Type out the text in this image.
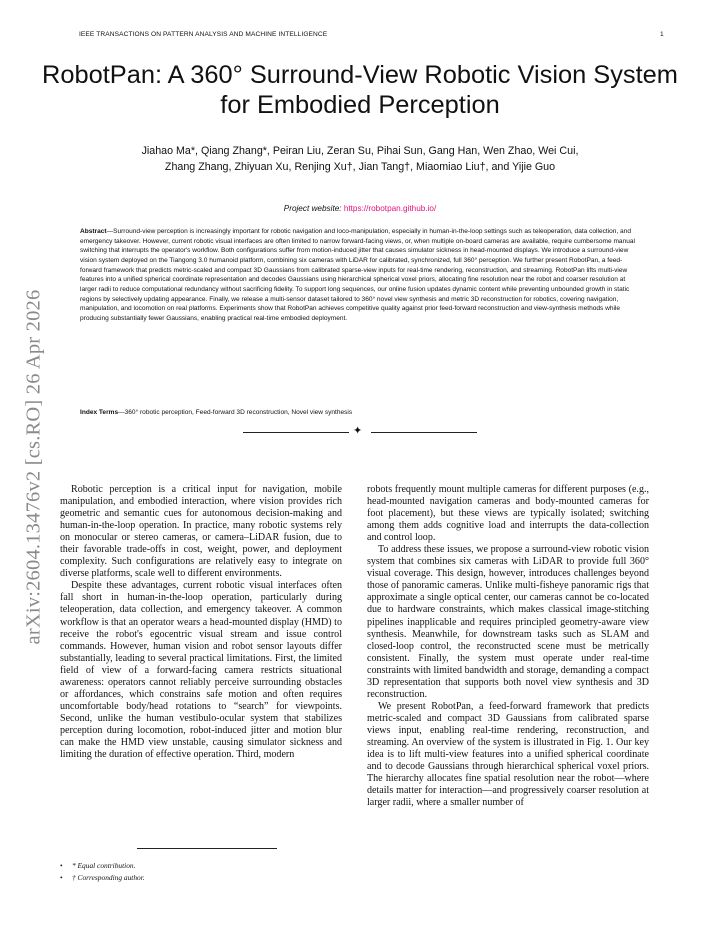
IEEE TRANSACTIONS ON PATTERN ANALYSIS AND MACHINE INTELLIGENCE	1
arXiv:2604.13476v2 [cs.RO] 26 Apr 2026
RobotPan: A 360° Surround-View Robotic Vision System for Embodied Perception
Jiahao Ma*, Qiang Zhang*, Peiran Liu, Zeran Su, Pihai Sun, Gang Han, Wen Zhao, Wei Cui,
Zhang Zhang, Zhiyuan Xu, Renjing Xu†, Jian Tang†, Miaomiao Liu†, and Yijie Guo
Project website: https://robotpan.github.io/
Abstract—Surround-view perception is increasingly important for robotic navigation and loco-manipulation, especially in human-in-the-loop settings such as teleoperation, data collection, and emergency takeover. However, current robotic visual interfaces are often limited to narrow forward-facing views, or, when multiple on-board cameras are available, require cumbersome manual switching that interrupts the operator's workflow. Both configurations suffer from motion-induced jitter that causes simulator sickness in head-mounted displays. We introduce a surround-view vision system deployed on the Tiangong 3.0 humanoid platform, combining six cameras with LiDAR for calibrated, synchronized, full 360° perception. We further present RobotPan, a feed-forward framework that predicts metric-scaled and compact 3D Gaussians from calibrated sparse-view inputs for real-time rendering, reconstruction, and streaming. RobotPan lifts multi-view features into a unified spherical coordinate representation and decodes Gaussians using hierarchical spherical voxel priors, allocating fine resolution near the robot and coarser resolution at larger radii to reduce computational redundancy without sacrificing fidelity. To support long sequences, our online fusion updates dynamic content while preventing unbounded growth in static regions by selectively updating appearance. Finally, we release a multi-sensor dataset tailored to 360° novel view synthesis and metric 3D reconstruction for robotics, covering navigation, manipulation, and locomotion on real platforms. Experiments show that RobotPan achieves competitive quality against prior feed-forward reconstruction and view-synthesis methods while producing substantially fewer Gaussians, enabling practical real-time embodied deployment.
Index Terms—360° robotic perception, Feed-forward 3D reconstruction, Novel view synthesis
✦

Robotic perception is a critical input for navigation, mobile manipulation, and embodied interaction, where vision provides rich geometric and semantic cues for autonomous decision-making and human-in-the-loop operation. In practice, many robotic systems rely on monocular or stereo cameras, or camera–LiDAR fusion, due to their favorable trade-offs in cost, weight, power, and deployment complexity. Such configurations are relatively easy to integrate on diverse platforms, scale well to different environments.

Despite these advantages, current robotic visual interfaces often fall short in human-in-the-loop operation, particularly during teleoperation, data collection, and emergency takeover. A common workflow is that an operator wears a head-mounted display (HMD) to receive the robot's egocentric visual stream and issue control commands. However, human vision and robot sensor layouts differ substantially, leading to several practical limitations. First, the limited field of view of a forward-facing camera restricts situational awareness: operators cannot reliably perceive surrounding obstacles or affordances, which constrains safe motion and often requires uncomfortable body/head rotations to “search” for viewpoints. Second, unlike the human vestibulo-ocular system that stabilizes perception during locomotion, robot-induced jitter and motion blur can make the HMD view unstable, causing simulator sickness and limiting the duration of effective operation. Third, modern

robots frequently mount multiple cameras for different purposes (e.g., head-mounted navigation cameras and body-mounted cameras for foot placement), but these views are typically isolated; switching among them adds cognitive load and interrupts the data-collection and control loop.

To address these issues, we propose a surround-view robotic vision system that combines six cameras with LiDAR to provide full 360° visual coverage. This design, however, introduces challenges beyond those of panoramic cameras. Unlike multi-fisheye panoramic rigs that approximate a single optical center, our cameras cannot be co-located due to hardware constraints, which makes classical image-stitching pipelines inapplicable and requires principled geometry-aware view synthesis. Meanwhile, for downstream tasks such as SLAM and closed-loop control, the reconstructed scene must be metrically consistent. Finally, the system must operate under real-time constraints with limited bandwidth and storage, demanding a compact 3D representation that supports both novel view synthesis and 3D reconstruction.

We present RobotPan, a feed-forward framework that predicts metric-scaled and compact 3D Gaussians from calibrated sparse views input, enabling real-time rendering, reconstruction, and streaming. An overview of the system is illustrated in Fig. 1. Our key idea is to lift multi-view features into a unified spherical coordinate and to decode Gaussians through hierarchical spherical voxel priors. The hierarchy allocates fine spatial resolution near the robot—where details matter for interaction—and progressively coarser resolution at larger radii, where a smaller number of

• * Equal contribution.
• † Corresponding author.
